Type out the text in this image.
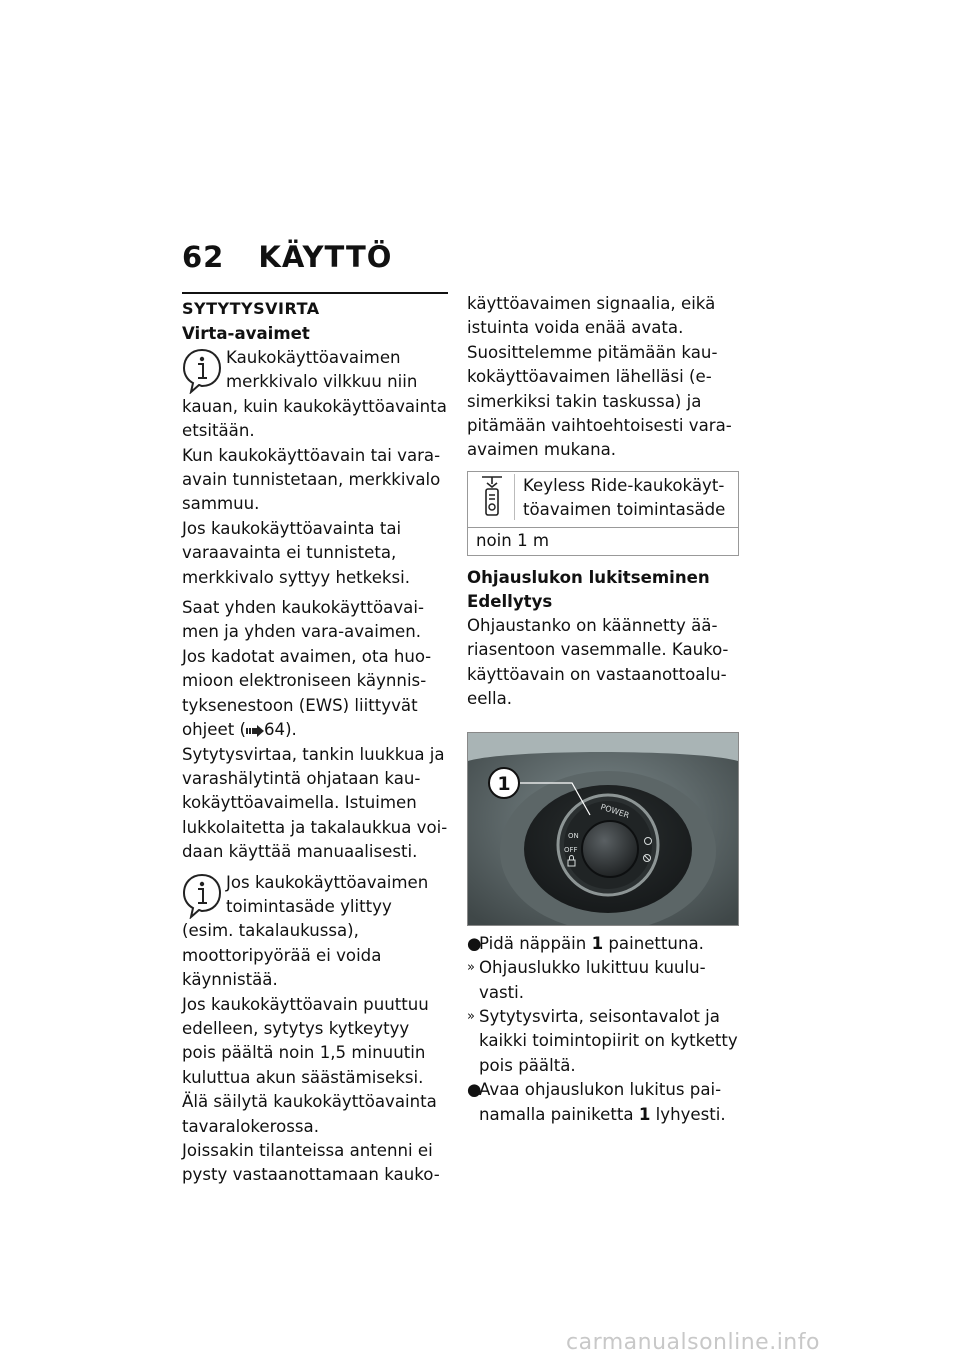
62 KÄYTTÖ
SYTYTYSVIRTA
Virta-avaimet

Kaukokäyttöavaimen merkkivalo vilkkuu niin kauan, kuin kaukokäyttöavainta etsitään.

Kun kaukokäyttöavain tai varaavain tunnistetaan, merkkivalo sammuu.

Jos kaukokäyttöavainta tai varaavainta ei tunnisteta, merkkivalo syttyy hetkeksi.

Saat yhden kaukokäyttöavaimen ja yhden vara-avaimen.

Jos kadotat avaimen, ota huomioon elektroniseen käynnistyksenestoon (EWS) liittyvät ohjeet ( 64).

Sytytysvirtaa, tankin luukkua ja varashälytintä ohjataan kaukokäyttöavaimella. Istuimen lukkolaitetta ja takalaukkua voidaan käyttää manuaalisesti.

Jos kaukokäyttöavaimen toimintasäde ylittyy (esim. takalaukussa), moottoripyörää ei voida käynnistää.

Jos kaukokäyttöavain puuttuu edelleen, sytytys kytkeytyy pois päältä noin 1,5 minuutin kuluttua akun säästämiseksi.

Älä säilytä kaukokäyttöavainta tavaralokerossa.

Joissakin tilanteissa antenni ei pysty vastaanottamaan kauko-

käyttöavaimen signaalia, eikä istuinta voida enää avata. Suosittelemme pitämään kaukokäyttöavaimen lähelläsi (esimerkiksi takin taskussa) ja pitämään vaihtoehtoisesti varaavaimen mukana.

Keyless Ride-kaukokäyttöavaimen toimintasäde
noin 1 m
Ohjauslukon lukitseminen
Edellytys

Ohjaustanko on käännetty ääriasentoon vasemmalle. Kaukokäyttöavain on vastaanottoalueella.

POWER
ON
OFF
1
●
Pidä näppäin 1 painettuna.
» Ohjauslukko lukittuu kuuluvasti.
» Sytytysvirta, seisontavalot ja kaikki toimintopiirit on kytketty pois päältä.
●
Avaa ohjauslukon lukitus painamalla painiketta 1 lyhyesti.
carmanualsonline.info
